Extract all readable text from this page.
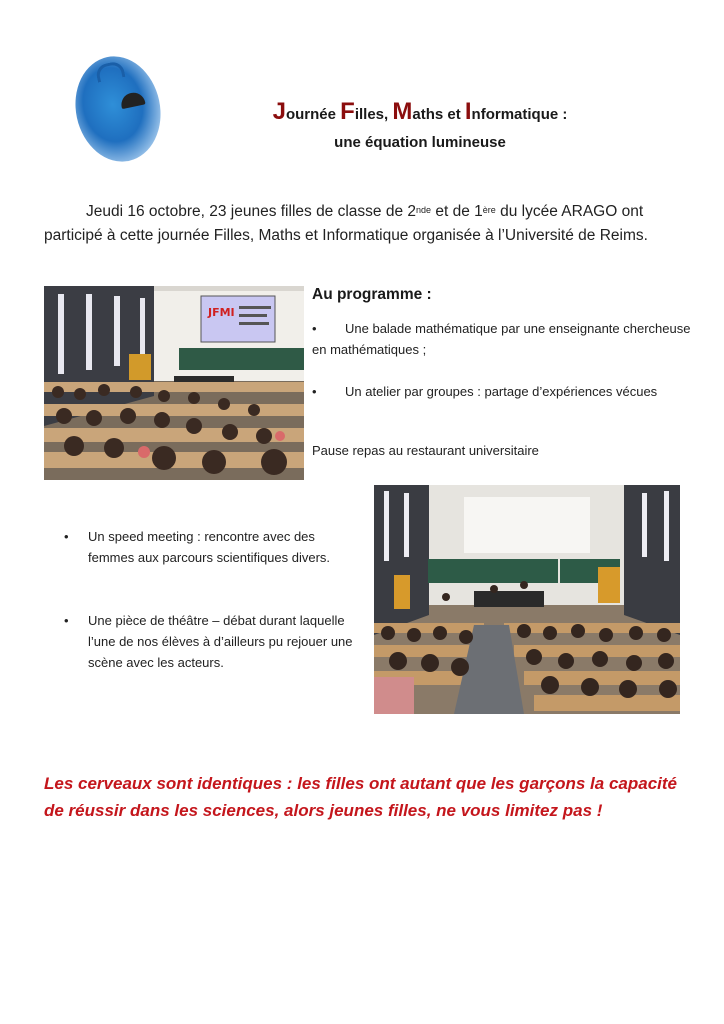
Journée Filles, Maths et Informatique :
une équation lumineuse
Jeudi 16 octobre, 23 jeunes filles de classe de 2nde et de 1ère du lycée ARAGO ont participé à cette journée Filles, Maths et Informatique organisée à l’Université de Reims.
JFMI
Au programme :
•	Une balade mathématique par une enseignante chercheuse en mathématiques ;
•	Un atelier par groupes : partage d’expériences vécues
Pause repas au restaurant universitaire
•	Un speed meeting : rencontre avec des femmes aux parcours scientifiques divers.
•	Une pièce de théâtre – débat durant laquelle l’une de nos élèves à d’ailleurs pu rejouer une scène avec les acteurs.
Les cerveaux sont identiques : les filles ont autant que les garçons la capacité de réussir dans les sciences, alors jeunes filles, ne vous limitez pas !
